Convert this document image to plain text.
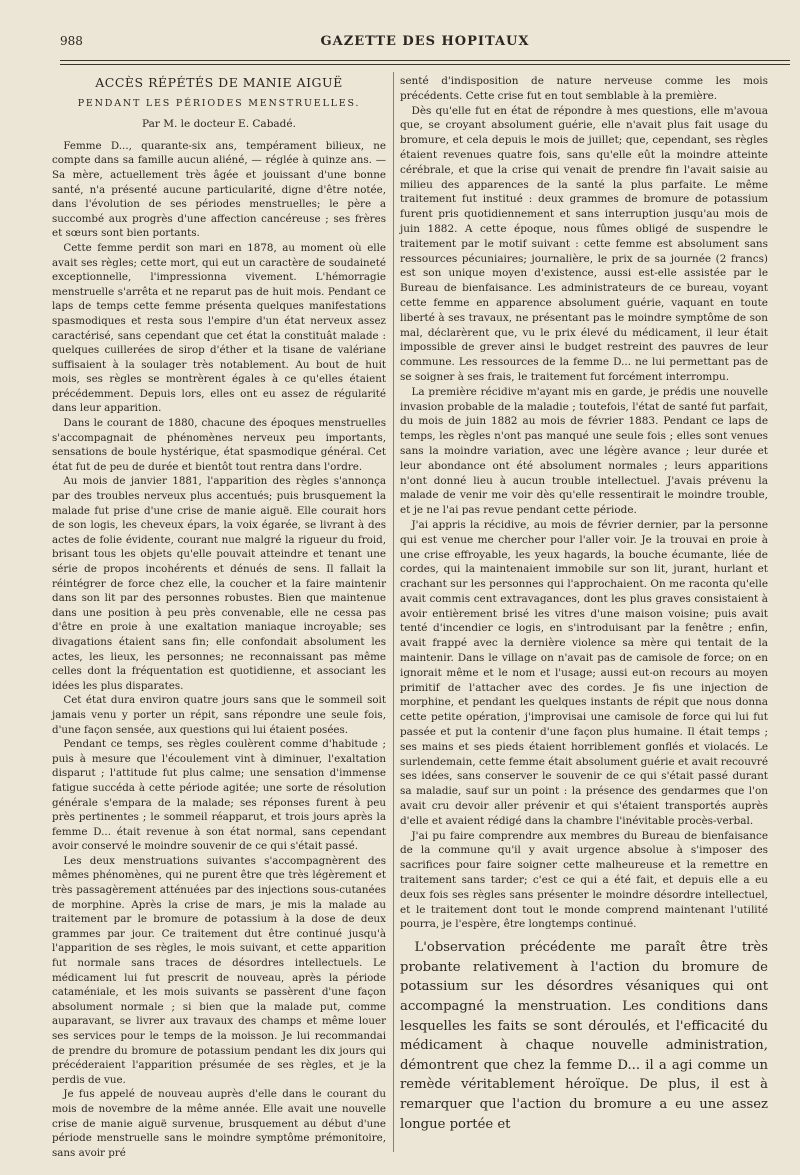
988	GAZETTE DES HOPITAUX
ACCÈS RÉPÉTÉS DE MANIE AIGUË
PENDANT LES PÉRIODES MENSTRUELLES.
Par M. le docteur E. Cabadé.

Femme D..., quarante-six ans, tempérament bilieux, ne compte dans sa famille aucun aliéné, — réglée à quinze ans. — Sa mère, actuellement très âgée et jouissant d'une bonne santé, n'a présenté aucune particularité, digne d'être notée, dans l'évolution de ses périodes menstruelles; le père a succombé aux progrès d'une affection cancéreuse ; ses frères et sœurs sont bien portants.

Cette femme perdit son mari en 1878, au moment où elle avait ses règles; cette mort, qui eut un caractère de soudaineté exceptionnelle, l'impressionna vivement. L'hémorragie menstruelle s'arrêta et ne reparut pas de huit mois. Pendant ce laps de temps cette femme présenta quelques manifestations spasmodiques et resta sous l'empire d'un état nerveux assez caractérisé, sans cependant que cet état la constituât malade : quelques cuillerées de sirop d'éther et la tisane de valériane suffisaient à la soulager très notablement. Au bout de huit mois, ses règles se montrèrent égales à ce qu'elles étaient précédemment. Depuis lors, elles ont eu assez de régularité dans leur apparition.

Dans le courant de 1880, chacune des époques menstruelles s'accompagnait de phénomènes nerveux peu importants, sensations de boule hystérique, état spasmodique général. Cet état fut de peu de durée et bientôt tout rentra dans l'ordre.

Au mois de janvier 1881, l'apparition des règles s'annonça par des troubles nerveux plus accentués; puis brusquement la malade fut prise d'une crise de manie aiguë. Elle courait hors de son logis, les cheveux épars, la voix égarée, se livrant à des actes de folie évidente, courant nue malgré la rigueur du froid, brisant tous les objets qu'elle pouvait atteindre et tenant une série de propos incohérents et dénués de sens. Il fallait la réintégrer de force chez elle, la coucher et la faire maintenir dans son lit par des personnes robustes. Bien que maintenue dans une position à peu près convenable, elle ne cessa pas d'être en proie à une exaltation maniaque incroyable; ses divagations étaient sans fin; elle confondait absolument les actes, les lieux, les personnes; ne reconnaissant pas même celles dont la fréquentation est quotidienne, et associant les idées les plus disparates.

Cet état dura environ quatre jours sans que le sommeil soit jamais venu y porter un répit, sans répondre une seule fois, d'une façon sensée, aux questions qui lui étaient posées.

Pendant ce temps, ses règles coulèrent comme d'habitude ; puis à mesure que l'écoulement vint à diminuer, l'exaltation disparut ; l'attitude fut plus calme; une sensation d'immense fatigue succéda à cette période agitée; une sorte de résolution générale s'empara de la malade; ses réponses furent à peu près pertinentes ; le sommeil réapparut, et trois jours après la femme D... était revenue à son état normal, sans cependant avoir conservé le moindre souvenir de ce qui s'était passé.

Les deux menstruations suivantes s'accompagnèrent des mêmes phénomènes, qui ne purent être que très légèrement et très passagèrement atténuées par des injections sous-cutanées de morphine. Après la crise de mars, je mis la malade au traitement par le bromure de potassium à la dose de deux grammes par jour. Ce traitement dut être continué jusqu'à l'apparition de ses règles, le mois suivant, et cette apparition fut normale sans traces de désordres intellectuels. Le médicament lui fut prescrit de nouveau, après la période cataméniale, et les mois suivants se passèrent d'une façon absolument normale ; si bien que la malade put, comme auparavant, se livrer aux travaux des champs et même louer ses services pour le temps de la moisson. Je lui recommandai de prendre du bromure de potassium pendant les dix jours qui précéderaient l'apparition présumée de ses règles, et je la perdis de vue.

Je fus appelé de nouveau auprès d'elle dans le courant du mois de novembre de la même année. Elle avait une nouvelle crise de manie aiguë survenue, brusquement au début d'une période menstruelle sans le moindre symptôme prémonitoire, sans avoir pré

senté d'indisposition de nature nerveuse comme les mois précédents. Cette crise fut en tout semblable à la première.

Dès qu'elle fut en état de répondre à mes questions, elle m'avoua que, se croyant absolument guérie, elle n'avait plus fait usage du bromure, et cela depuis le mois de juillet; que, cependant, ses règles étaient revenues quatre fois, sans qu'elle eût la moindre atteinte cérébrale, et que la crise qui venait de prendre fin l'avait saisie au milieu des apparences de la santé la plus parfaite. Le même traitement fut institué : deux grammes de bromure de potassium furent pris quotidiennement et sans interruption jusqu'au mois de juin 1882. A cette époque, nous fûmes obligé de suspendre le traitement par le motif suivant : cette femme est absolument sans ressources pécuniaires; journalière, le prix de sa journée (2 francs) est son unique moyen d'existence, aussi est-elle assistée par le Bureau de bienfaisance. Les administrateurs de ce bureau, voyant cette femme en apparence absolument guérie, vaquant en toute liberté à ses travaux, ne présentant pas le moindre symptôme de son mal, déclarèrent que, vu le prix élevé du médicament, il leur était impossible de grever ainsi le budget restreint des pauvres de leur commune. Les ressources de la femme D... ne lui permettant pas de se soigner à ses frais, le traitement fut forcément interrompu.

La première récidive m'ayant mis en garde, je prédis une nouvelle invasion probable de la maladie ; toutefois, l'état de santé fut parfait, du mois de juin 1882 au mois de février 1883. Pendant ce laps de temps, les règles n'ont pas manqué une seule fois ; elles sont venues sans la moindre variation, avec une légère avance ; leur durée et leur abondance ont été absolument normales ; leurs apparitions n'ont donné lieu à aucun trouble intellectuel. J'avais prévenu la malade de venir me voir dès qu'elle ressentirait le moindre trouble, et je ne l'ai pas revue pendant cette période.

J'ai appris la récidive, au mois de février dernier, par la personne qui est venue me chercher pour l'aller voir. Je la trouvai en proie à une crise effroyable, les yeux hagards, la bouche écumante, liée de cordes, qui la maintenaient immobile sur son lit, jurant, hurlant et crachant sur les personnes qui l'approchaient. On me raconta qu'elle avait commis cent extravagances, dont les plus graves consistaient à avoir entièrement brisé les vitres d'une maison voisine; puis avait tenté d'incendier ce logis, en s'introduisant par la fenêtre ; enfin, avait frappé avec la dernière violence sa mère qui tentait de la maintenir. Dans le village on n'avait pas de camisole de force; on en ignorait même et le nom et l'usage; aussi eut-on recours au moyen primitif de l'attacher avec des cordes. Je fis une injection de morphine, et pendant les quelques instants de répit que nous donna cette petite opération, j'improvisai une camisole de force qui lui fut passée et put la contenir d'une façon plus humaine. Il était temps ; ses mains et ses pieds étaient horriblement gonflés et violacés. Le surlendemain, cette femme était absolument guérie et avait recouvré ses idées, sans conserver le souvenir de ce qui s'était passé durant sa maladie, sauf sur un point : la présence des gendarmes que l'on avait cru devoir aller prévenir et qui s'étaient transportés auprès d'elle et avaient rédigé dans la chambre l'inévitable procès-verbal.

J'ai pu faire comprendre aux membres du Bureau de bienfaisance de la commune qu'il y avait urgence absolue à s'imposer des sacrifices pour faire soigner cette malheureuse et la remettre en traitement sans tarder; c'est ce qui a été fait, et depuis elle a eu deux fois ses règles sans présenter le moindre désordre intellectuel, et le traitement dont tout le monde comprend maintenant l'utilité pourra, je l'espère, être longtemps continué.

L'observation précédente me paraît être très probante relativement à l'action du bromure de potassium sur les désordres vésaniques qui ont accompagné la menstruation. Les conditions dans lesquelles les faits se sont déroulés, et l'efficacité du médicament à chaque nouvelle administration, démontrent que chez la femme D... il a agi comme un remède véritablement héroïque. De plus, il est à remarquer que l'action du bromure a eu une assez longue portée et
